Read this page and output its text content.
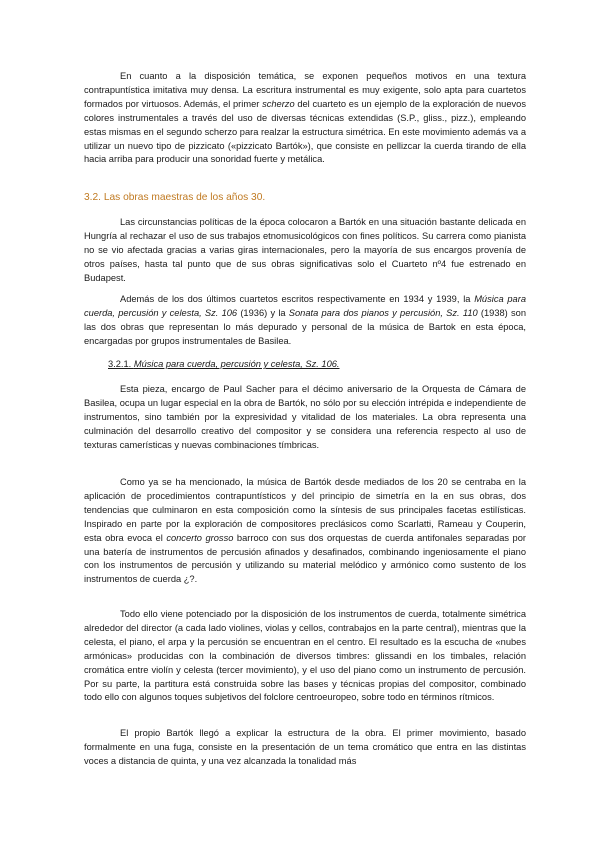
En cuanto a la disposición temática, se exponen pequeños motivos en una textura contrapuntística imitativa muy densa. La escritura instrumental es muy exigente, solo apta para cuartetos formados por virtuosos. Además, el primer scherzo del cuarteto es un ejemplo de la exploración de nuevos colores instrumentales a través del uso de diversas técnicas extendidas (S.P., gliss., pizz.), empleando estas mismas en el segundo scherzo para realzar la estructura simétrica. En este movimiento además va a utilizar un nuevo tipo de pizzicato («pizzicato Bartók»), que consiste en pellizcar la cuerda tirando de ella hacia arriba para producir una sonoridad fuerte y metálica.

3.2. Las obras maestras de los años 30.

Las circunstancias políticas de la época colocaron a Bartók en una situación bastante delicada en Hungría al rechazar el uso de sus trabajos etnomusicológicos con fines políticos. Su carrera como pianista no se vio afectada gracias a varias giras internacionales, pero la mayoría de sus encargos provenía de otros países, hasta tal punto que de sus obras significativas solo el Cuarteto nº4 fue estrenado en Budapest.

Además de los dos últimos cuartetos escritos respectivamente en 1934 y 1939, la Música para cuerda, percusión y celesta, Sz. 106 (1936) y la Sonata para dos pianos y percusión, Sz. 110 (1938) son las dos obras que representan lo más depurado y personal de la música de Bartok en esta época, encargadas por grupos instrumentales de Basilea.

3.2.1. Música para cuerda, percusión y celesta, Sz. 106.

Esta pieza, encargo de Paul Sacher para el décimo aniversario de la Orquesta de Cámara de Basilea, ocupa un lugar especial en la obra de Bartók, no sólo por su elección intrépida e independiente de instrumentos, sino también por la expresividad y vitalidad de los materiales. La obra representa una culminación del desarrollo creativo del compositor y se considera una referencia respecto al uso de texturas camerísticas y nuevas combinaciones tímbricas.

Como ya se ha mencionado, la música de Bartók desde mediados de los 20 se centraba en la aplicación de procedimientos contrapuntísticos y del principio de simetría en la en sus obras, dos tendencias que culminaron en esta composición como la síntesis de sus principales facetas estilísticas. Inspirado en parte por la exploración de compositores preclásicos como Scarlatti, Rameau y Couperin, esta obra evoca el concerto grosso barroco con sus dos orquestas de cuerda antifonales separadas por una batería de instrumentos de percusión afinados y desafinados, combinando ingeniosamente el piano con los instrumentos de percusión y utilizando su material melódico y armónico como sustento de los instrumentos de cuerda ¿?.

Todo ello viene potenciado por la disposición de los instrumentos de cuerda, totalmente simétrica alrededor del director (a cada lado violines, violas y cellos, contrabajos en la parte central), mientras que la celesta, el piano, el arpa y la percusión se encuentran en el centro. El resultado es la escucha de «nubes armónicas» producidas con la combinación de diversos timbres: glissandi en los timbales, relación cromática entre violín y celesta (tercer movimiento), y el uso del piano como un instrumento de percusión. Por su parte, la partitura está construida sobre las bases y técnicas propias del compositor, combinado todo ello con algunos toques subjetivos del folclore centroeuropeo, sobre todo en términos rítmicos.

El propio Bartók llegó a explicar la estructura de la obra. El primer movimiento, basado formalmente en una fuga, consiste en la presentación de un tema cromático que entra en las distintas voces a distancia de quinta, y una vez alcanzada la tonalidad más
